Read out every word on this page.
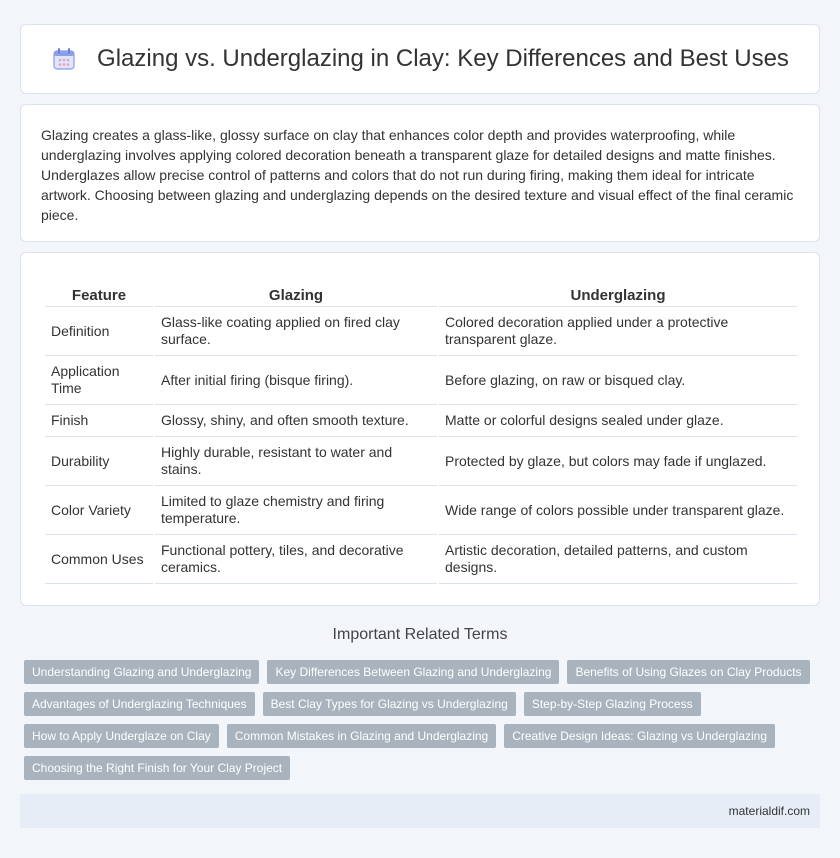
Glazing vs. Underglazing in Clay: Key Differences and Best Uses

Glazing creates a glass-like, glossy surface on clay that enhances color depth and provides waterproofing, while underglazing involves applying colored decoration beneath a transparent glaze for detailed designs and matte finishes. Underglazes allow precise control of patterns and colors that do not run during firing, making them ideal for intricate artwork. Choosing between glazing and underglazing depends on the desired texture and visual effect of the final ceramic piece.

Feature	Glazing	Underglazing
Definition	Glass-like coating applied on fired clay surface.	Colored decoration applied under a protective transparent glaze.
Application Time	After initial firing (bisque firing).	Before glazing, on raw or bisqued clay.
Finish	Glossy, shiny, and often smooth texture.	Matte or colorful designs sealed under glaze.
Durability	Highly durable, resistant to water and stains.	Protected by glaze, but colors may fade if unglazed.
Color Variety	Limited to glaze chemistry and firing temperature.	Wide range of colors possible under transparent glaze.
Common Uses	Functional pottery, tiles, and decorative ceramics.	Artistic decoration, detailed patterns, and custom designs.
Important Related Terms
Understanding Glazing and Underglazing	Key Differences Between Glazing and Underglazing	Benefits of Using Glazes on Clay Products
Advantages of Underglazing Techniques	Best Clay Types for Glazing vs Underglazing	Step-by-Step Glazing Process
How to Apply Underglaze on Clay	Common Mistakes in Glazing and Underglazing	Creative Design Ideas: Glazing vs Underglazing
Choosing the Right Finish for Your Clay Project
materialdif.com
